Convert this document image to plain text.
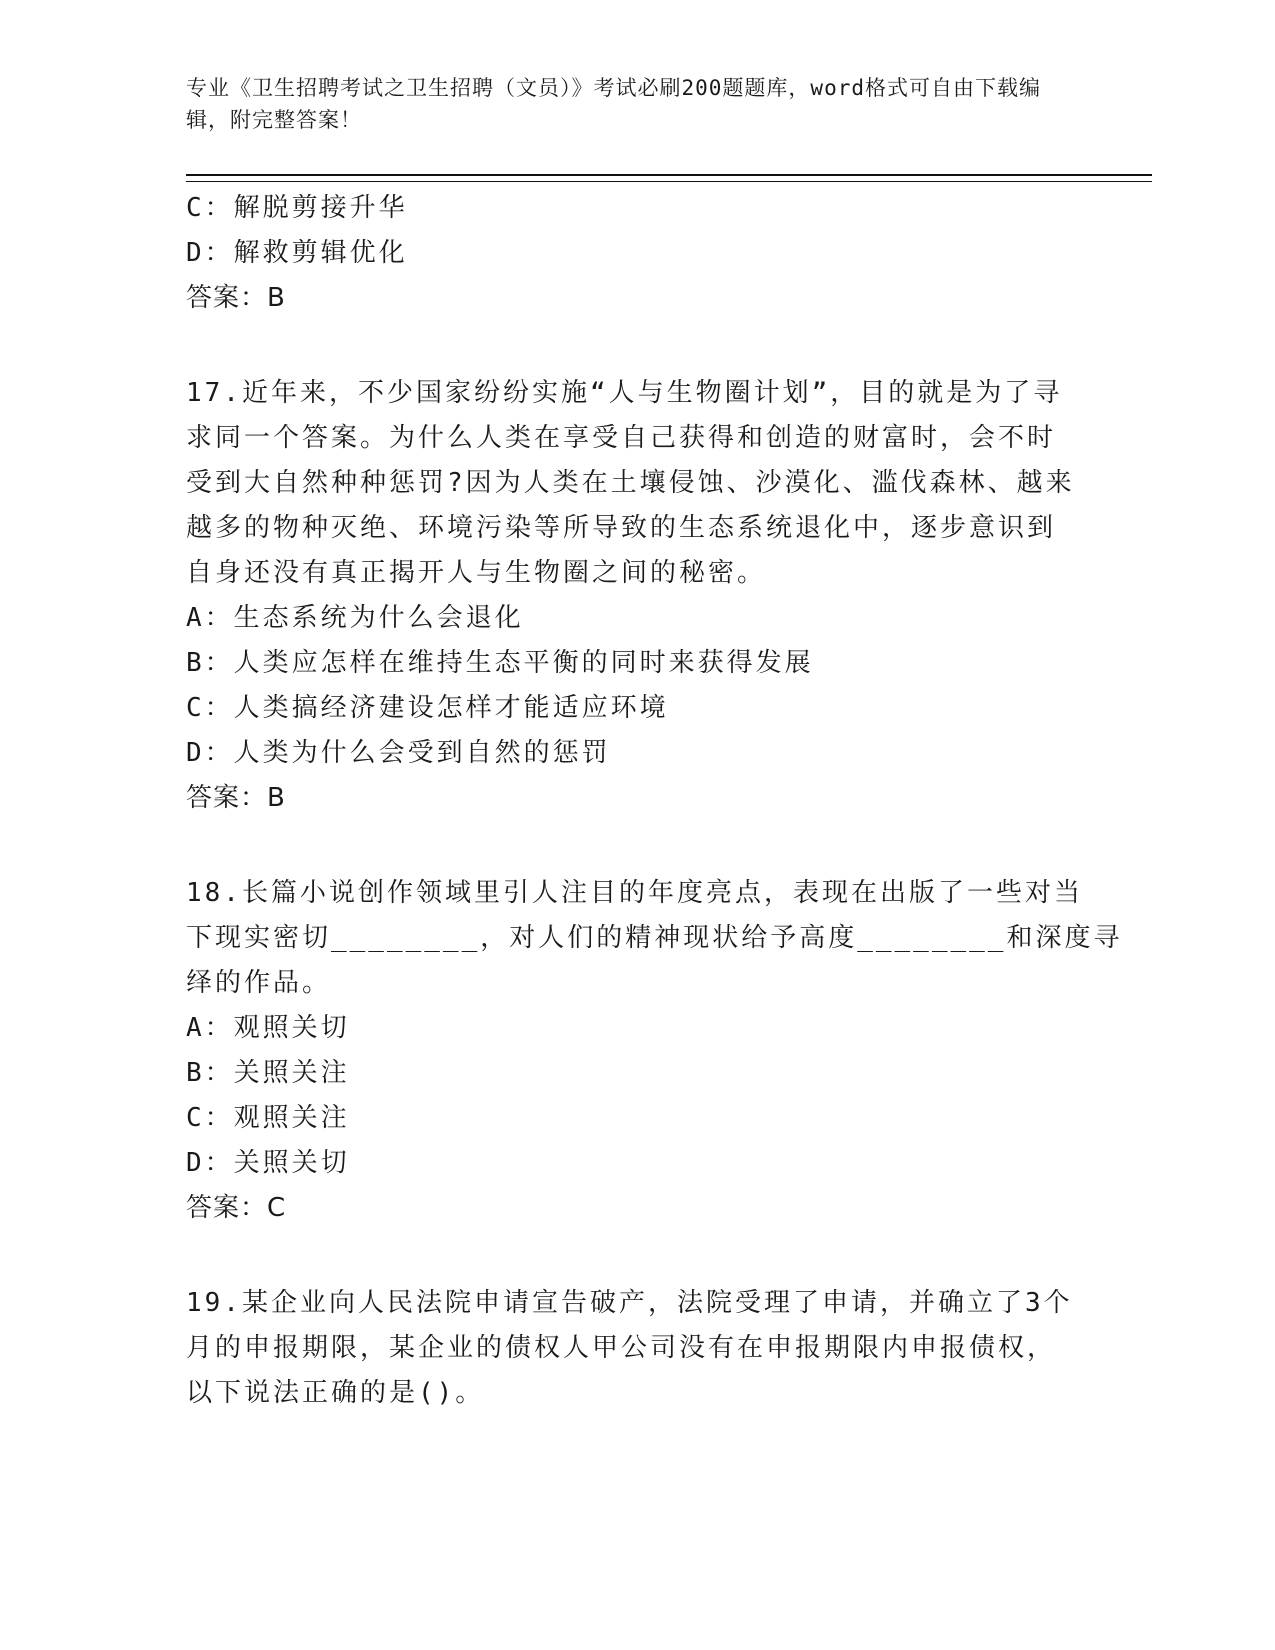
专业《卫生招聘考试之卫生招聘（文员）》考试必刷200题题库，word格式可自由下载编辑，附完整答案！
C：解脱剪接升华
D：解救剪辑优化
答案：B
17.近年来，不少国家纷纷实施“人与生物圈计划”，目的就是为了寻
求同一个答案。为什么人类在享受自己获得和创造的财富时，会不时
受到大自然种种惩罚?因为人类在土壤侵蚀、沙漠化、滥伐森林、越来
越多的物种灭绝、环境污染等所导致的生态系统退化中，逐步意识到
自身还没有真正揭开人与生物圈之间的秘密。
A：生态系统为什么会退化
B：人类应怎样在维持生态平衡的同时来获得发展
C：人类搞经济建设怎样才能适应环境
D：人类为什么会受到自然的惩罚
答案：B
18.长篇小说创作领域里引人注目的年度亮点，表现在出版了一些对当
下现实密切________，对人们的精神现状给予高度________和深度寻
绎的作品。
A：观照关切
B：关照关注
C：观照关注
D：关照关切
答案：C
19.某企业向人民法院申请宣告破产，法院受理了申请，并确立了3个
月的申报期限，某企业的债权人甲公司没有在申报期限内申报债权，
以下说法正确的是()。
